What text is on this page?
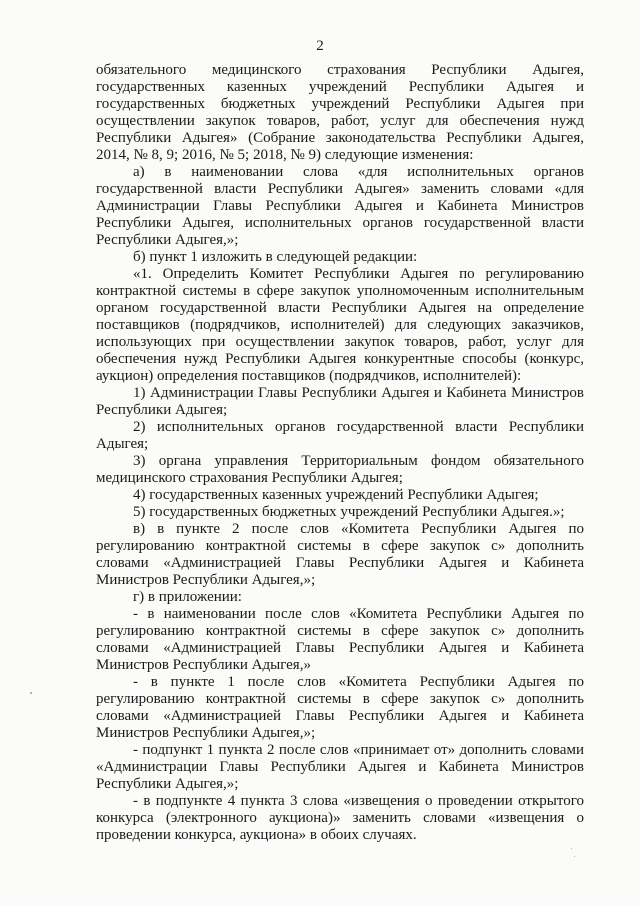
2

обязательного медицинского страхования Республики Адыгея, государственных казенных учреждений Республики Адыгея и государственных бюджетных учреждений Республики Адыгея при осуществлении закупок товаров, работ, услуг для обеспечения нужд Республики Адыгея» (Собрание законодательства Республики Адыгея, 2014, № 8, 9; 2016, № 5; 2018, № 9) следующие изменения:

а) в наименовании слова «для исполнительных органов государственной власти Республики Адыгея» заменить словами «для Администрации Главы Республики Адыгея и Кабинета Министров Республики Адыгея, исполнительных органов государственной власти Республики Адыгея,»;

б) пункт 1 изложить в следующей редакции:

«1. Определить Комитет Республики Адыгея по регулированию контрактной системы в сфере закупок уполномоченным исполнительным органом государственной власти Республики Адыгея на определение поставщиков (подрядчиков, исполнителей) для следующих заказчиков, использующих при осуществлении закупок товаров, работ, услуг для обеспечения нужд Республики Адыгея конкурентные способы (конкурс, аукцион) определения поставщиков (подрядчиков, исполнителей):

1) Администрации Главы Республики Адыгея и Кабинета Министров Республики Адыгея;

2) исполнительных органов государственной власти Республики Адыгея;

3) органа управления Территориальным фондом обязательного медицинского страхования Республики Адыгея;

4) государственных казенных учреждений Республики Адыгея;

5) государственных бюджетных учреждений Республики Адыгея.»;

в) в пункте 2 после слов «Комитета Республики Адыгея по регулированию контрактной системы в сфере закупок с» дополнить словами «Администрацией Главы Республики Адыгея и Кабинета Министров Республики Адыгея,»;

г) в приложении:

- в наименовании после слов «Комитета Республики Адыгея по регулированию контрактной системы в сфере закупок с» дополнить словами «Администрацией Главы Республики Адыгея и Кабинета Министров Республики Адыгея,»

- в пункте 1 после слов «Комитета Республики Адыгея по регулированию контрактной системы в сфере закупок с» дополнить словами «Администрацией Главы Республики Адыгея и Кабинета Министров Республики Адыгея,»;

- подпункт 1 пункта 2 после слов «принимает от» дополнить словами «Администрации Главы Республики Адыгея и Кабинета Министров Республики Адыгея,»;

- в подпункте 4 пункта 3 слова «извещения о проведении открытого конкурса (электронного аукциона)» заменить словами «извещения о проведении конкурса, аукциона» в обоих случаях.
